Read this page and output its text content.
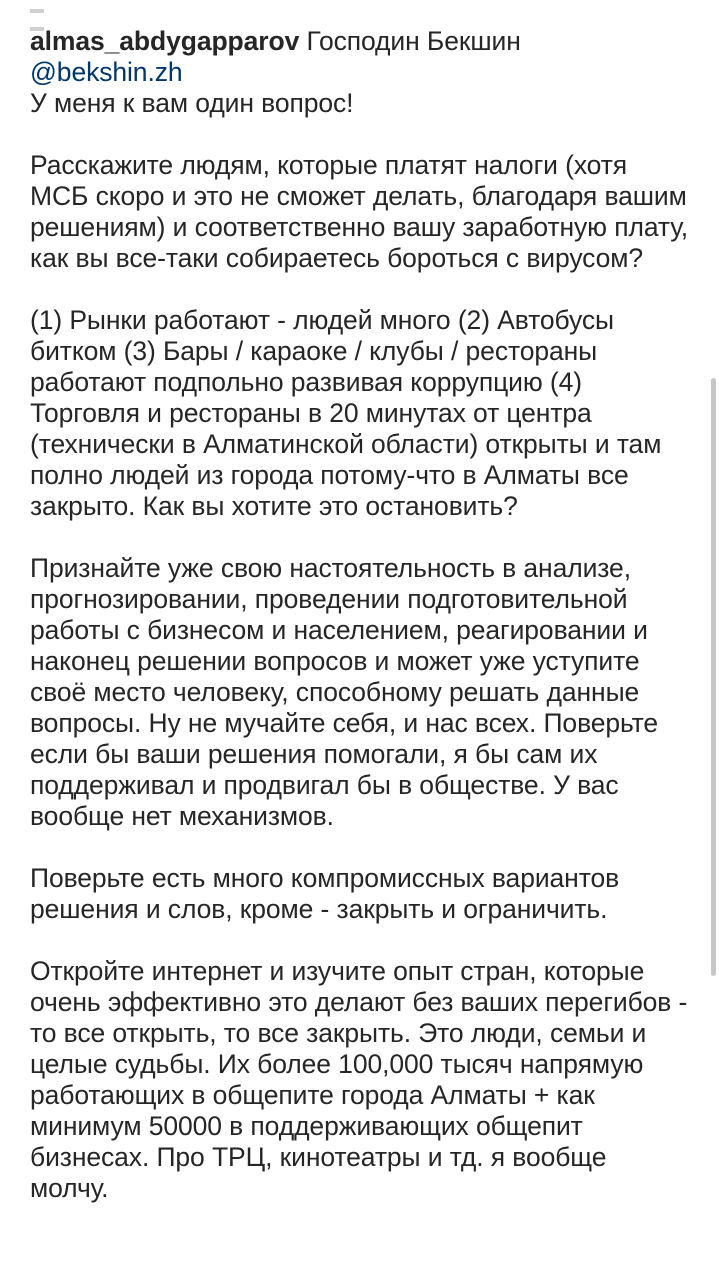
almas_abdygapparov Господин Бекшин

@bekshin.zh

У меня к вам один вопрос!

Расскажите людям, которые платят налоги (хотя МСБ скоро и это не сможет делать, благодаря вашим решениям) и соответственно вашу заработную плату, как вы все-таки собираетесь бороться с вирусом?

(1) Рынки работают - людей много (2) Автобусы битком (3) Бары / караоке / клубы / рестораны работают подпольно развивая коррупцию (4) Торговля и рестораны в 20 минутах от центра (технически в Алматинской области) открыты и там полно людей из города потому-что в Алматы все закрыто. Как вы хотите это остановить?

Признайте уже свою настоятельность в анализе, прогнозировании, проведении подготовительной работы с бизнесом и населением, реагировании и наконец решении вопросов и может уже уступите своё место человеку, способному решать данные вопросы. Ну не мучайте себя, и нас всех. Поверьте если бы ваши решения помогали, я бы сам их поддерживал и продвигал бы в обществе. У вас вообще нет механизмов.

Поверьте есть много компромиссных вариантов решения и слов, кроме - закрыть и ограничить.

Откройте интернет и изучите опыт стран, которые очень эффективно это делают без ваших перегибов - то все открыть, то все закрыть. Это люди, семьи и целые судьбы. Их более 100,000 тысяч напрямую работающих в общепите города Алматы + как минимум 50000 в поддерживающих общепит бизнесах. Про ТРЦ, кинотеатры и тд. я вообще молчу.
